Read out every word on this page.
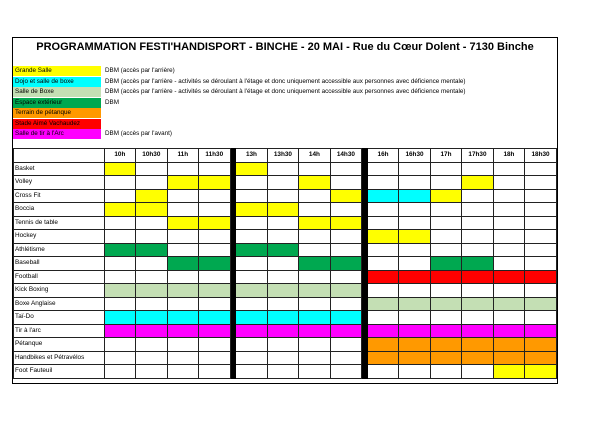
PROGRAMMATION FESTI'HANDISPORT - BINCHE - 20 MAI - Rue du Cœur Dolent - 7130 Binche
Grande Salle	DBM (accès par l'arrière)
Dojo et salle de boxe	DBM (accès par l'arrière - activités se déroulant à l'étage et donc uniquement accessible aux personnes avec déficience mentale)
Salle de Boxe	DBM (accès par l'arrière - activités se déroulant à l'étage et donc uniquement accessible aux personnes avec déficience mentale)
Espace extérieur	DBM
Terrain de pétanque
Stade Aimé Vachaudez
Salle de tir à l'Arc	DBM (accès par l'avant)
	10h	10h30	11h	11h30		13h	13h30	14h	14h30		16h	16h30	17h	17h30	18h	18h30
Basket																
Volley																
Cross Fit																
Boccia																
Tennis de table																
Hockey																
Athlétisme																
Baseball																
Football																
Kick Boxing																
Boxe Anglaise																
Taï-Do																
Tir à l'arc																
Pétanque																
Handbikes et Pétravélos																
Foot Fauteuil																
